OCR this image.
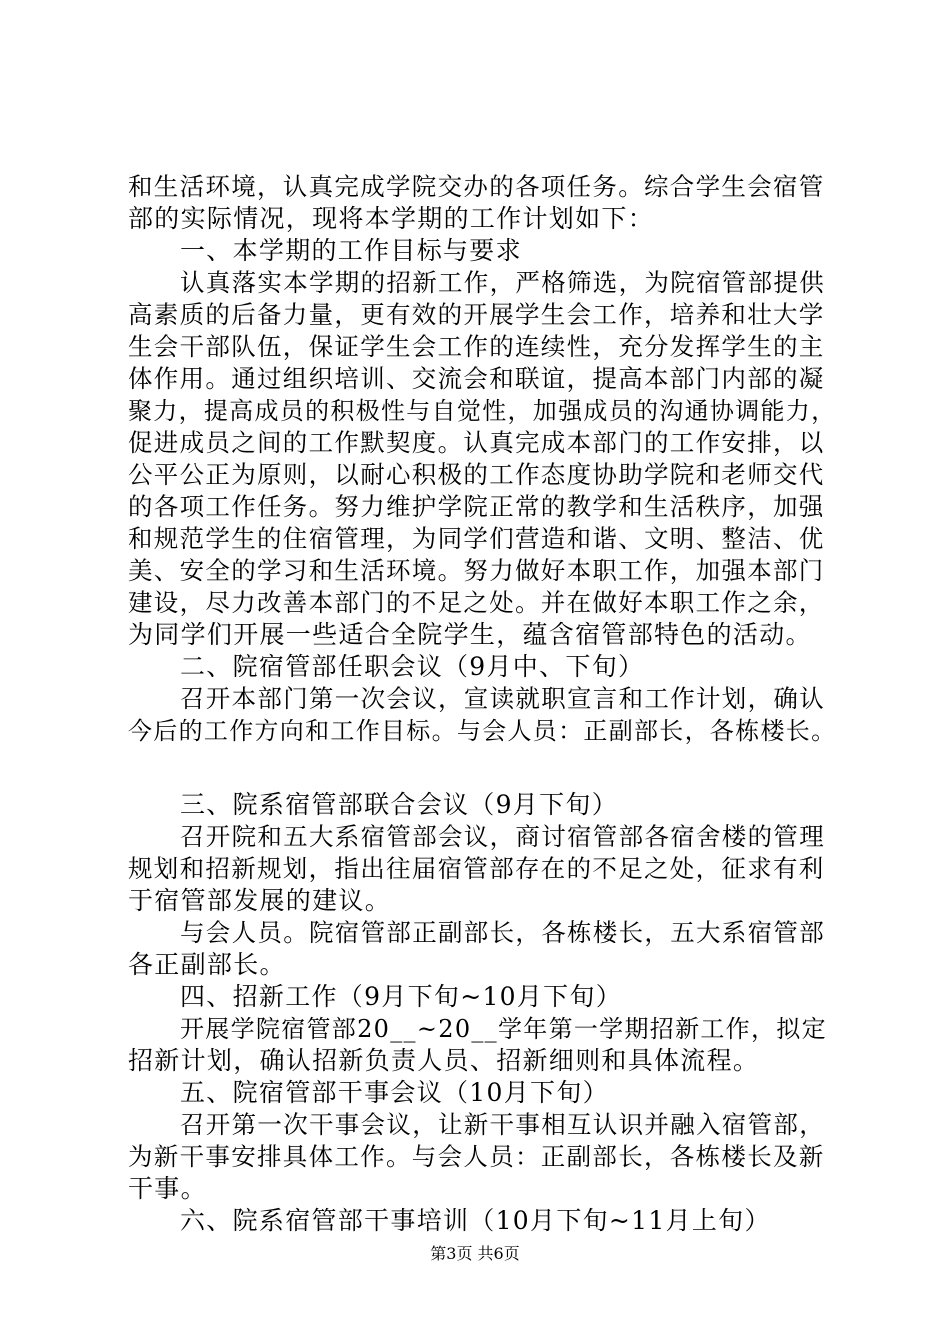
和生活环境，认真完成学院交办的各项任务。综合学生会宿管
部的实际情况，现将本学期的工作计划如下：
一、本学期的工作目标与要求
认真落实本学期的招新工作，严格筛选，为院宿管部提供
高素质的后备力量，更有效的开展学生会工作，培养和壮大学
生会干部队伍，保证学生会工作的连续性，充分发挥学生的主
体作用。通过组织培训、交流会和联谊，提高本部门内部的凝
聚力，提高成员的积极性与自觉性，加强成员的沟通协调能力，
促进成员之间的工作默契度。认真完成本部门的工作安排，以
公平公正为原则，以耐心积极的工作态度协助学院和老师交代
的各项工作任务。努力维护学院正常的教学和生活秩序，加强
和规范学生的住宿管理，为同学们营造和谐、文明、整洁、优
美、安全的学习和生活环境。努力做好本职工作，加强本部门
建设，尽力改善本部门的不足之处。并在做好本职工作之余，
为同学们开展一些适合全院学生，蕴含宿管部特色的活动。
二、院宿管部任职会议（9月中、下旬）
召开本部门第一次会议，宣读就职宣言和工作计划，确认
今后的工作方向和工作目标。与会人员：正副部长，各栋楼长。
三、院系宿管部联合会议（9月下旬）
召开院和五大系宿管部会议，商讨宿管部各宿舍楼的管理
规划和招新规划，指出往届宿管部存在的不足之处，征求有利
于宿管部发展的建议。
与会人员。院宿管部正副部长，各栋楼长，五大系宿管部
各正副部长。
四、招新工作（9月下旬~10月下旬）
开展学院宿管部20__~20__学年第一学期招新工作，拟定
招新计划，确认招新负责人员、招新细则和具体流程。
五、院宿管部干事会议（10月下旬）
召开第一次干事会议，让新干事相互认识并融入宿管部，
为新干事安排具体工作。与会人员：正副部长，各栋楼长及新
干事。
六、院系宿管部干事培训（10月下旬~11月上旬）
第3页 共6页
